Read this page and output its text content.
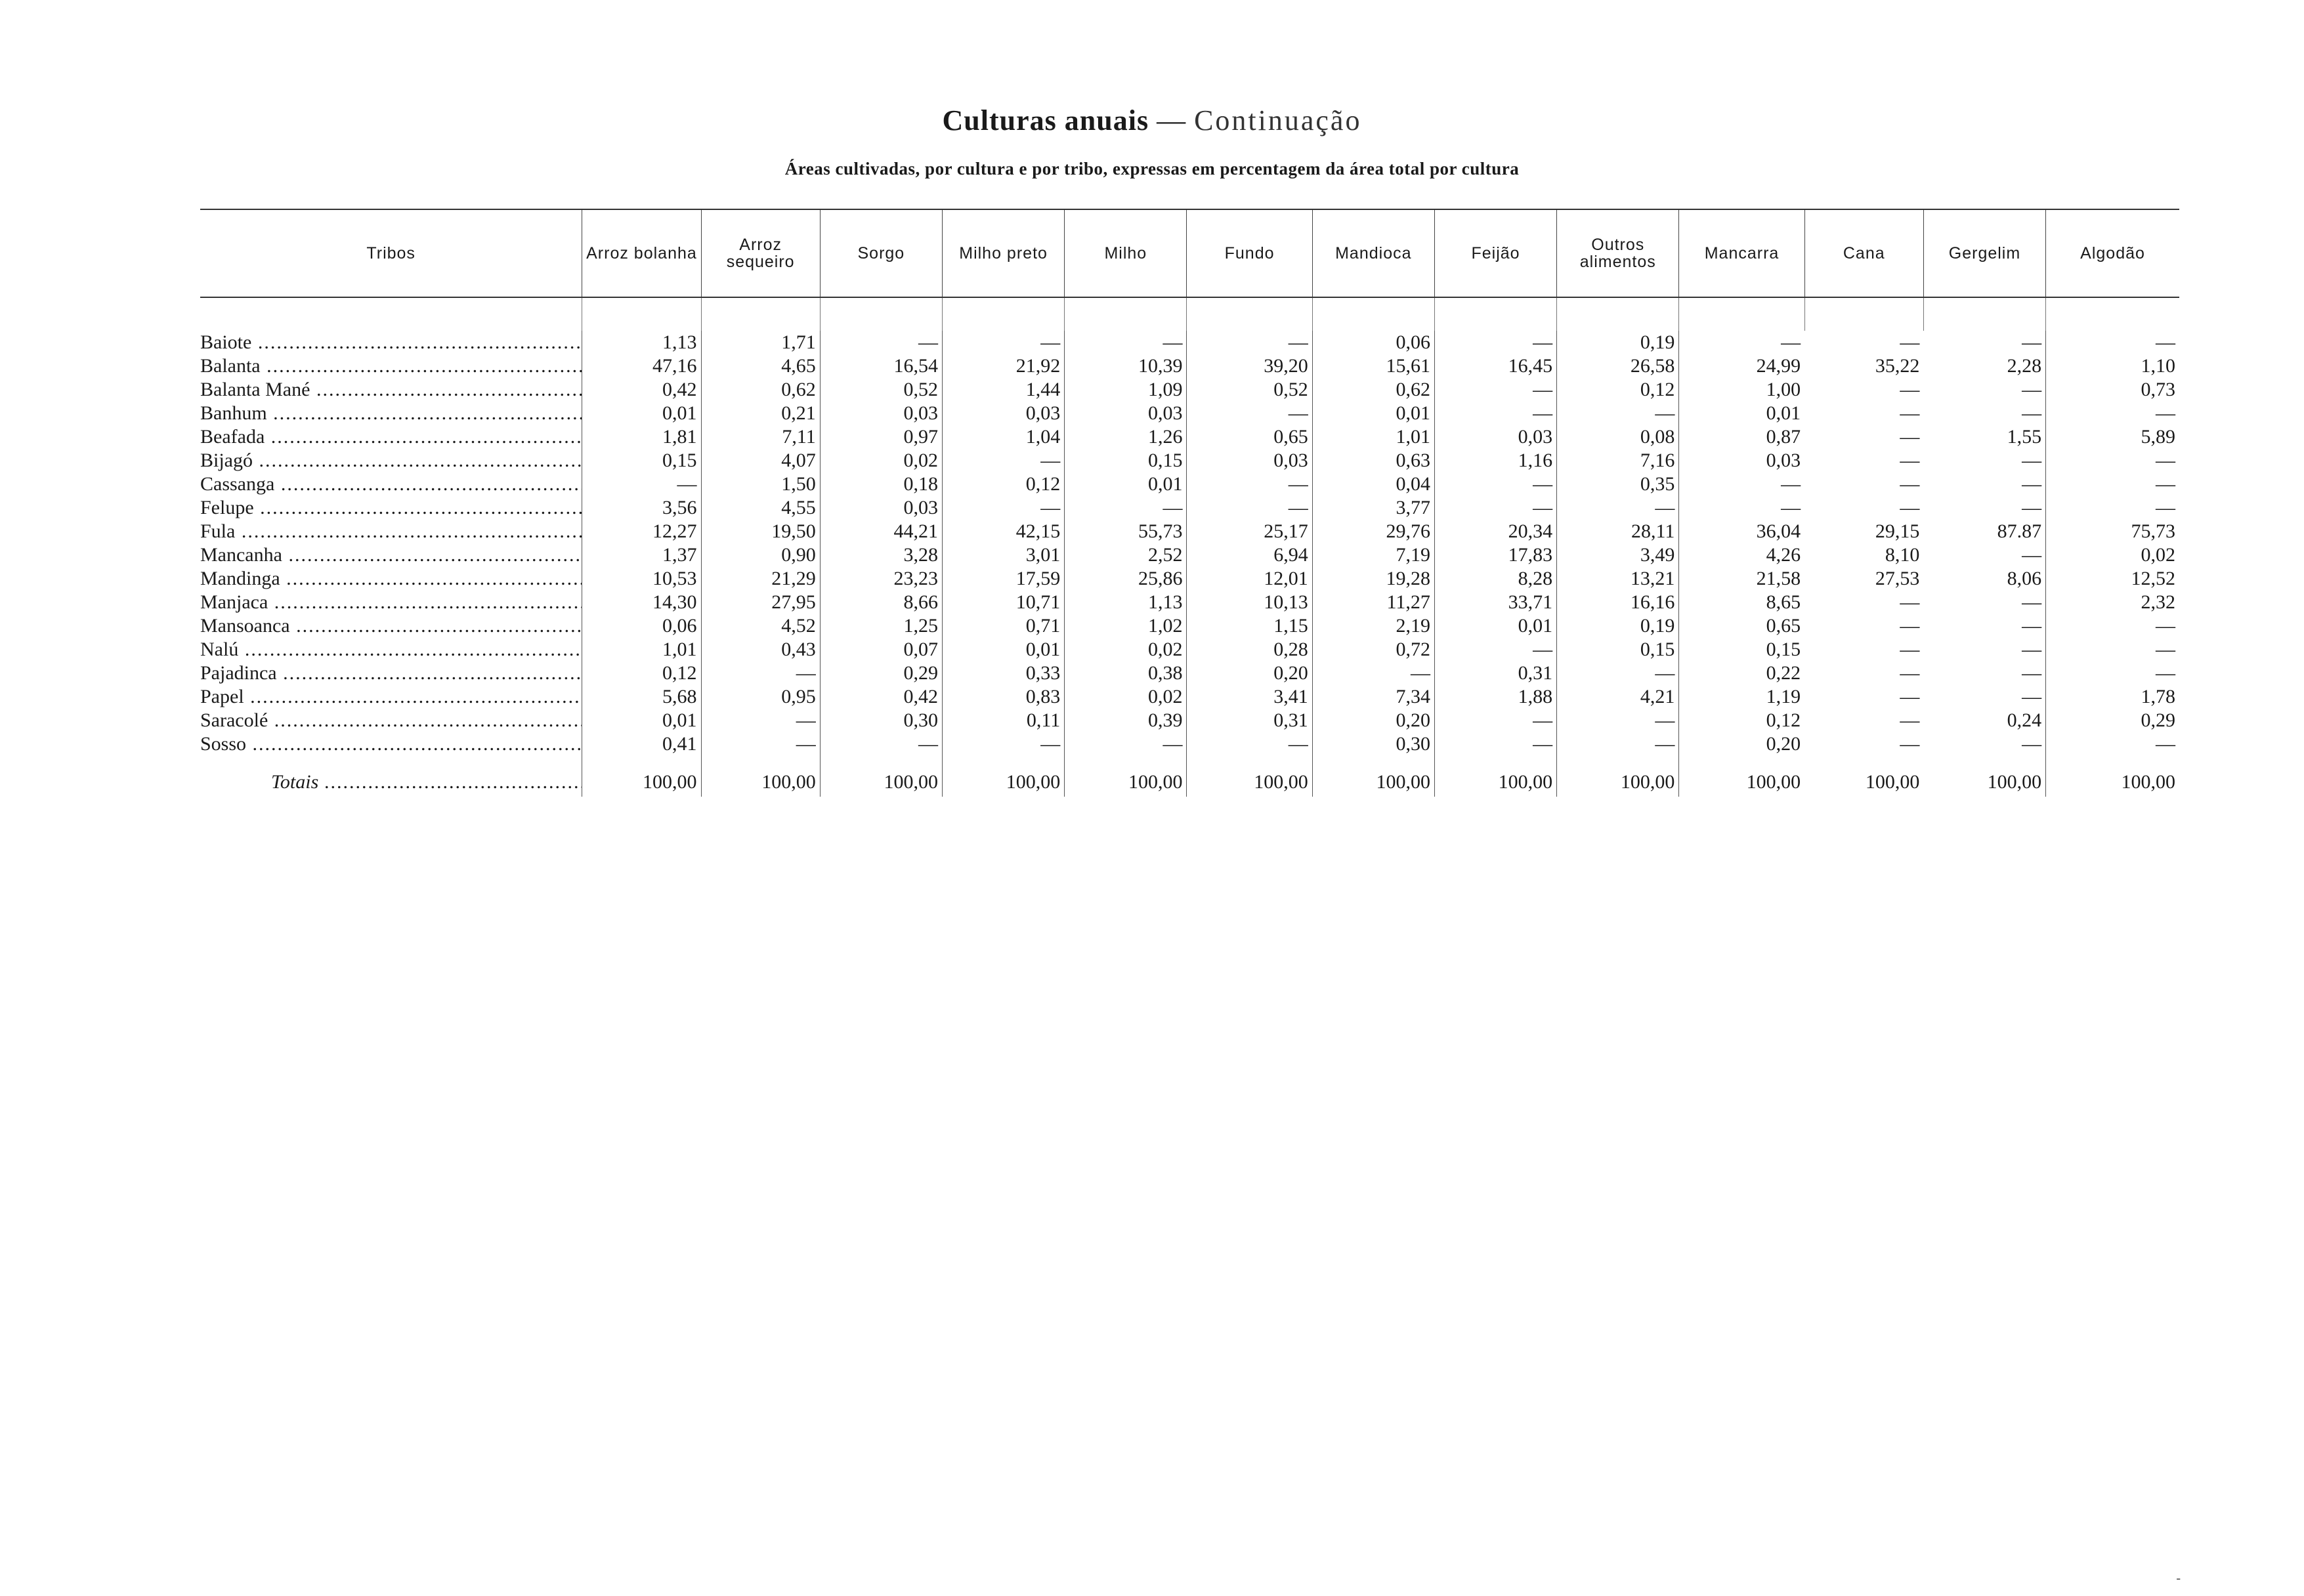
Culturas anuais — Continuação
Áreas cultivadas, por cultura e por tribo, expressas em percentagem da área total por cultura
Tribos	Arroz bolanha	Arroz sequeiro	Sorgo	Milho preto	Milho	Fundo	Mandioca	Feijão	Outros alimentos	Mancarra	Cana	Gergelim	Algodão

Baiote .....	1,13	1,71	—	—	—	—	0,06	—	0,19	—	—	—	—
Balanta .....	47,16	4,65	16,54	21,92	10,39	39,20	15,61	16,45	26,58	24,99	35,22	2,28	1,10
Balanta Mané .....	0,42	0,62	0,52	1,44	1,09	0,52	0,62	—	0,12	1,00	—	—	0,73
Banhum .....	0,01	0,21	0,03	0,03	0,03	—	0,01	—	—	0,01	—	—	—
Beafada .....	1,81	7,11	0,97	1,04	1,26	0,65	1,01	0,03	0,08	0,87	—	1,55	5,89
Bijagó .....	0,15	4,07	0,02	—	0,15	0,03	0,63	1,16	7,16	0,03	—	—	—
Cassanga .....	—	1,50	0,18	0,12	0,01	—	0,04	—	0,35	—	—	—	—
Felupe .....	3,56	4,55	0,03	—	—	—	3,77	—	—	—	—	—	—
Fula .....	12,27	19,50	44,21	42,15	55,73	25,17	29,76	20,34	28,11	36,04	29,15	87.87	75,73
Mancanha .....	1,37	0,90	3,28	3,01	2,52	6,94	7,19	17,83	3,49	4,26	8,10	—	0,02
Mandinga .....	10,53	21,29	23,23	17,59	25,86	12,01	19,28	8,28	13,21	21,58	27,53	8,06	12,52
Manjaca .....	14,30	27,95	8,66	10,71	1,13	10,13	11,27	33,71	16,16	8,65	—	—	2,32
Mansoanca .....	0,06	4,52	1,25	0,71	1,02	1,15	2,19	0,01	0,19	0,65	—	—	—
Nalú .....	1,01	0,43	0,07	0,01	0,02	0,28	0,72	—	0,15	0,15	—	—	—
Pajadinca .....	0,12	—	0,29	0,33	0,38	0,20	—	0,31	—	0,22	—	—	—
Papel .....	5,68	0,95	0,42	0,83	0,02	3,41	7,34	1,88	4,21	1,19	—	—	1,78
Saracolé .....	0,01	—	0,30	0,11	0,39	0,31	0,20	—	—	0,12	—	0,24	0,29
Sosso .....	0,41	—	—	—	—	—	0,30	—	—	0,20	—	—	—

Totais .....	100,00	100,00	100,00	100,00	100,00	100,00	100,00	100,00	100,00	100,00	100,00	100,00	100,00
-
